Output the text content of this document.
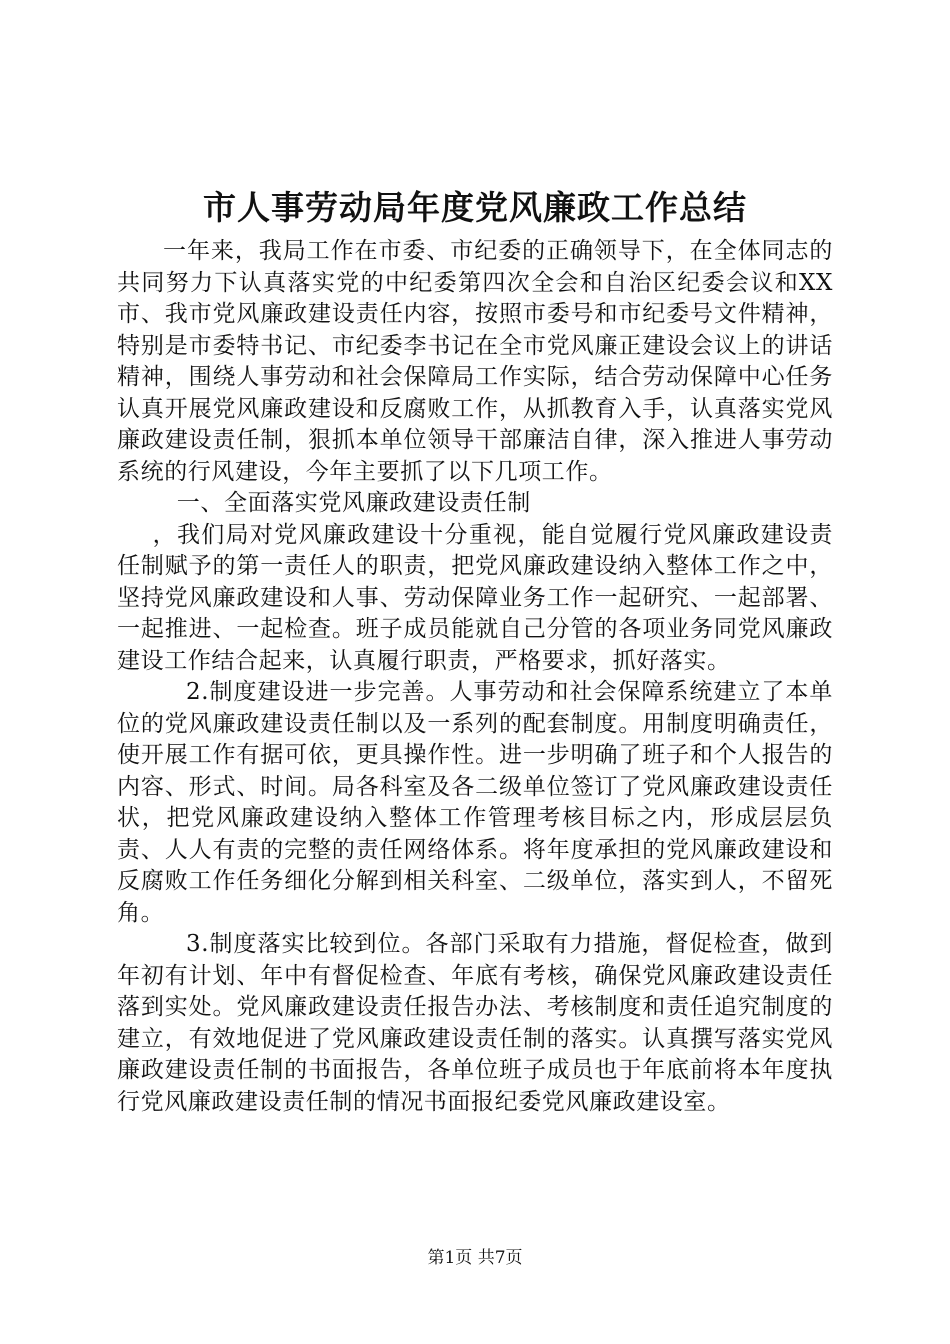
市人事劳动局年度党风廉政工作总结

一年来，我局工作在市委、市纪委的正确领导下，在全体同志的共同努力下认真落实党的中纪委第四次全会和自治区纪委会议和XX市、我市党风廉政建设责任内容，按照市委号和市纪委号文件精神，特别是市委特书记、市纪委李书记在全市党风廉正建设会议上的讲话精神，围绕人事劳动和社会保障局工作实际，结合劳动保障中心任务认真开展党风廉政建设和反腐败工作，从抓教育入手，认真落实党风廉政建设责任制，狠抓本单位领导干部廉洁自律，深入推进人事劳动系统的行风建设，今年主要抓了以下几项工作。

一、全面落实党风廉政建设责任制

，我们局对党风廉政建设十分重视，能自觉履行党风廉政建设责任制赋予的第一责任人的职责，把党风廉政建设纳入整体工作之中，坚持党风廉政建设和人事、劳动保障业务工作一起研究、一起部署、一起推进、一起检查。班子成员能就自己分管的各项业务同党风廉政建设工作结合起来，认真履行职责，严格要求，抓好落实。

2.制度建设进一步完善。人事劳动和社会保障系统建立了本单位的党风廉政建设责任制以及一系列的配套制度。用制度明确责任，使开展工作有据可依，更具操作性。进一步明确了班子和个人报告的内容、形式、时间。局各科室及各二级单位签订了党风廉政建设责任状，把党风廉政建设纳入整体工作管理考核目标之内，形成层层负责、人人有责的完整的责任网络体系。将年度承担的党风廉政建设和反腐败工作任务细化分解到相关科室、二级单位，落实到人，不留死角。

3.制度落实比较到位。各部门采取有力措施，督促检查，做到年初有计划、年中有督促检查、年底有考核，确保党风廉政建设责任落到实处。党风廉政建设责任报告办法、考核制度和责任追究制度的建立，有效地促进了党风廉政建设责任制的落实。认真撰写落实党风廉政建设责任制的书面报告，各单位班子成员也于年底前将本年度执行党风廉政建设责任制的情况书面报纪委党风廉政建设室。

第1页 共7页
